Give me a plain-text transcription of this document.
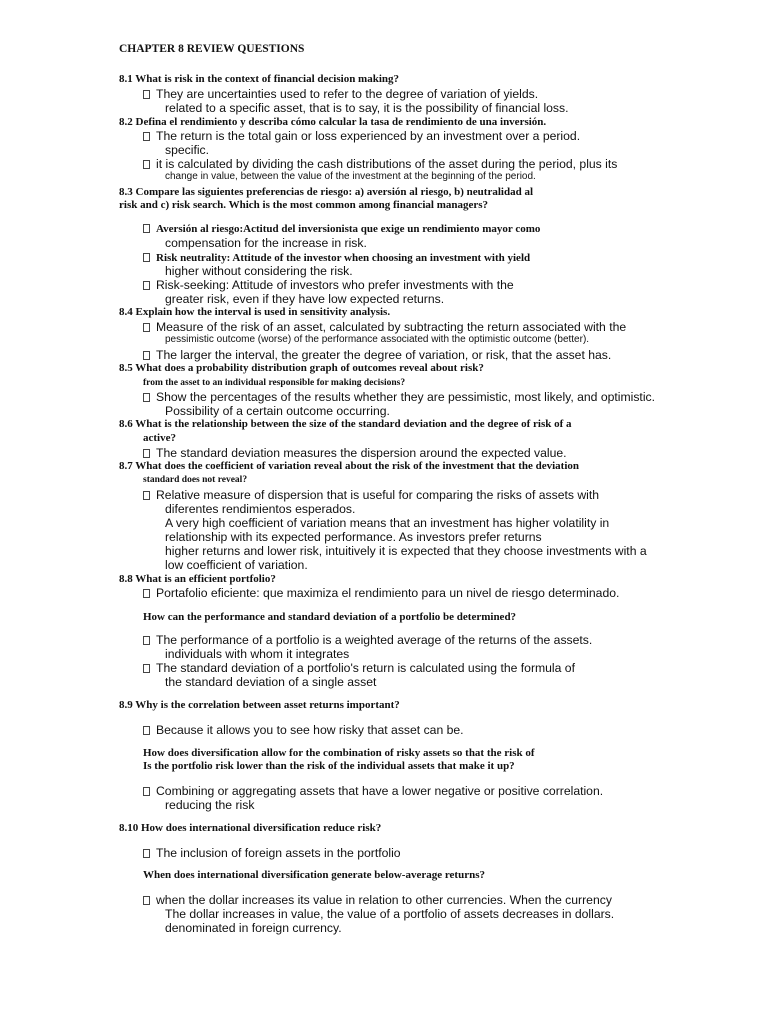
CHAPTER 8 REVIEW QUESTIONS
8.1 What is risk in the context of financial decision making?
They are uncertainties used to refer to the degree of variation of yields.
related to a specific asset, that is to say, it is the possibility of financial loss.
8.2 Defina el rendimiento y describa cómo calcular la tasa de rendimiento de una inversión.
The return is the total gain or loss experienced by an investment over a period.
specific.
it is calculated by dividing the cash distributions of the asset during the period, plus its
change in value, between the value of the investment at the beginning of the period.
8.3 Compare las siguientes preferencias de riesgo: a) aversión al riesgo, b) neutralidad al
risk and c) risk search. Which is the most common among financial managers?
Aversión al riesgo:Actitud del inversionista que exige un rendimiento mayor como
compensation for the increase in risk.
Risk neutrality: Attitude of the investor when choosing an investment with yield
higher without considering the risk.
Risk-seeking: Attitude of investors who prefer investments with the
greater risk, even if they have low expected returns.
8.4 Explain how the interval is used in sensitivity analysis.
Measure of the risk of an asset, calculated by subtracting the return associated with the
pessimistic outcome (worse) of the performance associated with the optimistic outcome (better).
The larger the interval, the greater the degree of variation, or risk, that the asset has.
8.5 What does a probability distribution graph of outcomes reveal about risk?
from the asset to an individual responsible for making decisions?
Show the percentages of the results whether they are pessimistic, most likely, and optimistic.
Possibility of a certain outcome occurring.
8.6 What is the relationship between the size of the standard deviation and the degree of risk of a
active?
The standard deviation measures the dispersion around the expected value.
8.7 What does the coefficient of variation reveal about the risk of the investment that the deviation
standard does not reveal?
Relative measure of dispersion that is useful for comparing the risks of assets with
diferentes rendimientos esperados.
A very high coefficient of variation means that an investment has higher volatility in
relationship with its expected performance. As investors prefer returns
higher returns and lower risk, intuitively it is expected that they choose investments with a
low coefficient of variation.
8.8 What is an efficient portfolio?
Portafolio eficiente: que maximiza el rendimiento para un nivel de riesgo determinado.
How can the performance and standard deviation of a portfolio be determined?
The performance of a portfolio is a weighted average of the returns of the assets.
individuals with whom it integrates
The standard deviation of a portfolio's return is calculated using the formula of
the standard deviation of a single asset
8.9 Why is the correlation between asset returns important?
Because it allows you to see how risky that asset can be.
How does diversification allow for the combination of risky assets so that the risk of
Is the portfolio risk lower than the risk of the individual assets that make it up?
Combining or aggregating assets that have a lower negative or positive correlation.
reducing the risk
8.10 How does international diversification reduce risk?
The inclusion of foreign assets in the portfolio
When does international diversification generate below-average returns?
when the dollar increases its value in relation to other currencies. When the currency
The dollar increases in value, the value of a portfolio of assets decreases in dollars.
denominated in foreign currency.
